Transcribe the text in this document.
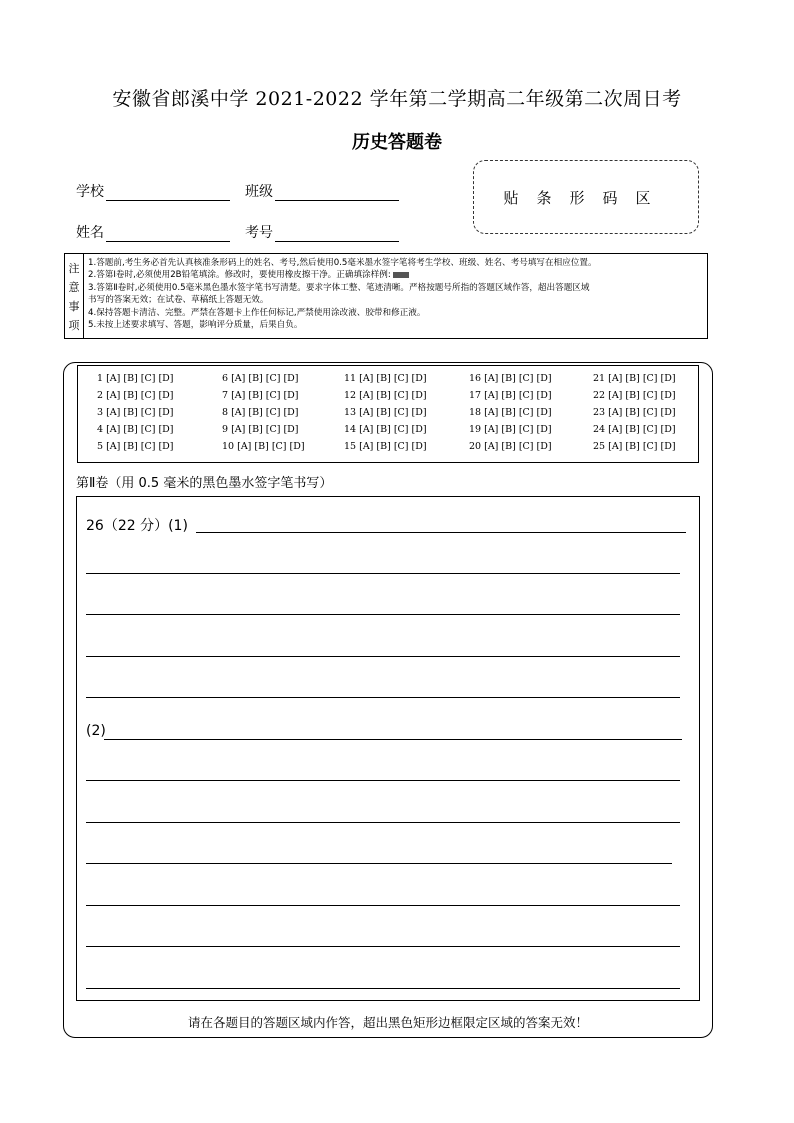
安徽省郎溪中学 2021-2022 学年第二学期高二年级第二次周日考
历史答题卷
学校	班级
姓名	考号
贴条形码区
注
意
事
项
1.答题前,考生务必首先认真核准条形码上的姓名、考号,然后使用0.5毫米墨水签字笔将考生学校、班级、姓名、考号填写在相应位置。
2.答第Ⅰ卷时,必须使用2B铅笔填涂。修改时，要使用橡皮擦干净。正确填涂样例:
3.答第Ⅱ卷时,必须使用0.5毫米黑色墨水签字笔书写清楚。要求字体工整、笔迹清晰。严格按题号所指的答题区域作答，超出答题区域
书写的答案无效；在试卷、草稿纸上答题无效。
4.保持答题卡清洁、完整。严禁在答题卡上作任何标记,严禁使用涂改液、胶带和修正液。
5.未按上述要求填写、答题，影响评分质量，后果自负。
1 [A] [B] [C] [D]
2 [A] [B] [C] [D]
3 [A] [B] [C] [D]
4 [A] [B] [C] [D]
5 [A] [B] [C] [D]
6 [A] [B] [C] [D]
7 [A] [B] [C] [D]
8 [A] [B] [C] [D]
9 [A] [B] [C] [D]
10 [A] [B] [C] [D]
11 [A] [B] [C] [D]
12 [A] [B] [C] [D]
13 [A] [B] [C] [D]
14 [A] [B] [C] [D]
15 [A] [B] [C] [D]
16 [A] [B] [C] [D]
17 [A] [B] [C] [D]
18 [A] [B] [C] [D]
19 [A] [B] [C] [D]
20 [A] [B] [C] [D]
21 [A] [B] [C] [D]
22 [A] [B] [C] [D]
23 [A] [B] [C] [D]
24 [A] [B] [C] [D]
25 [A] [B] [C] [D]
第Ⅱ卷（用 0.5 毫米的黑色墨水签字笔书写）
26（22 分）(1)
(2)
请在各题目的答题区域内作答，超出黑色矩形边框限定区域的答案无效！
